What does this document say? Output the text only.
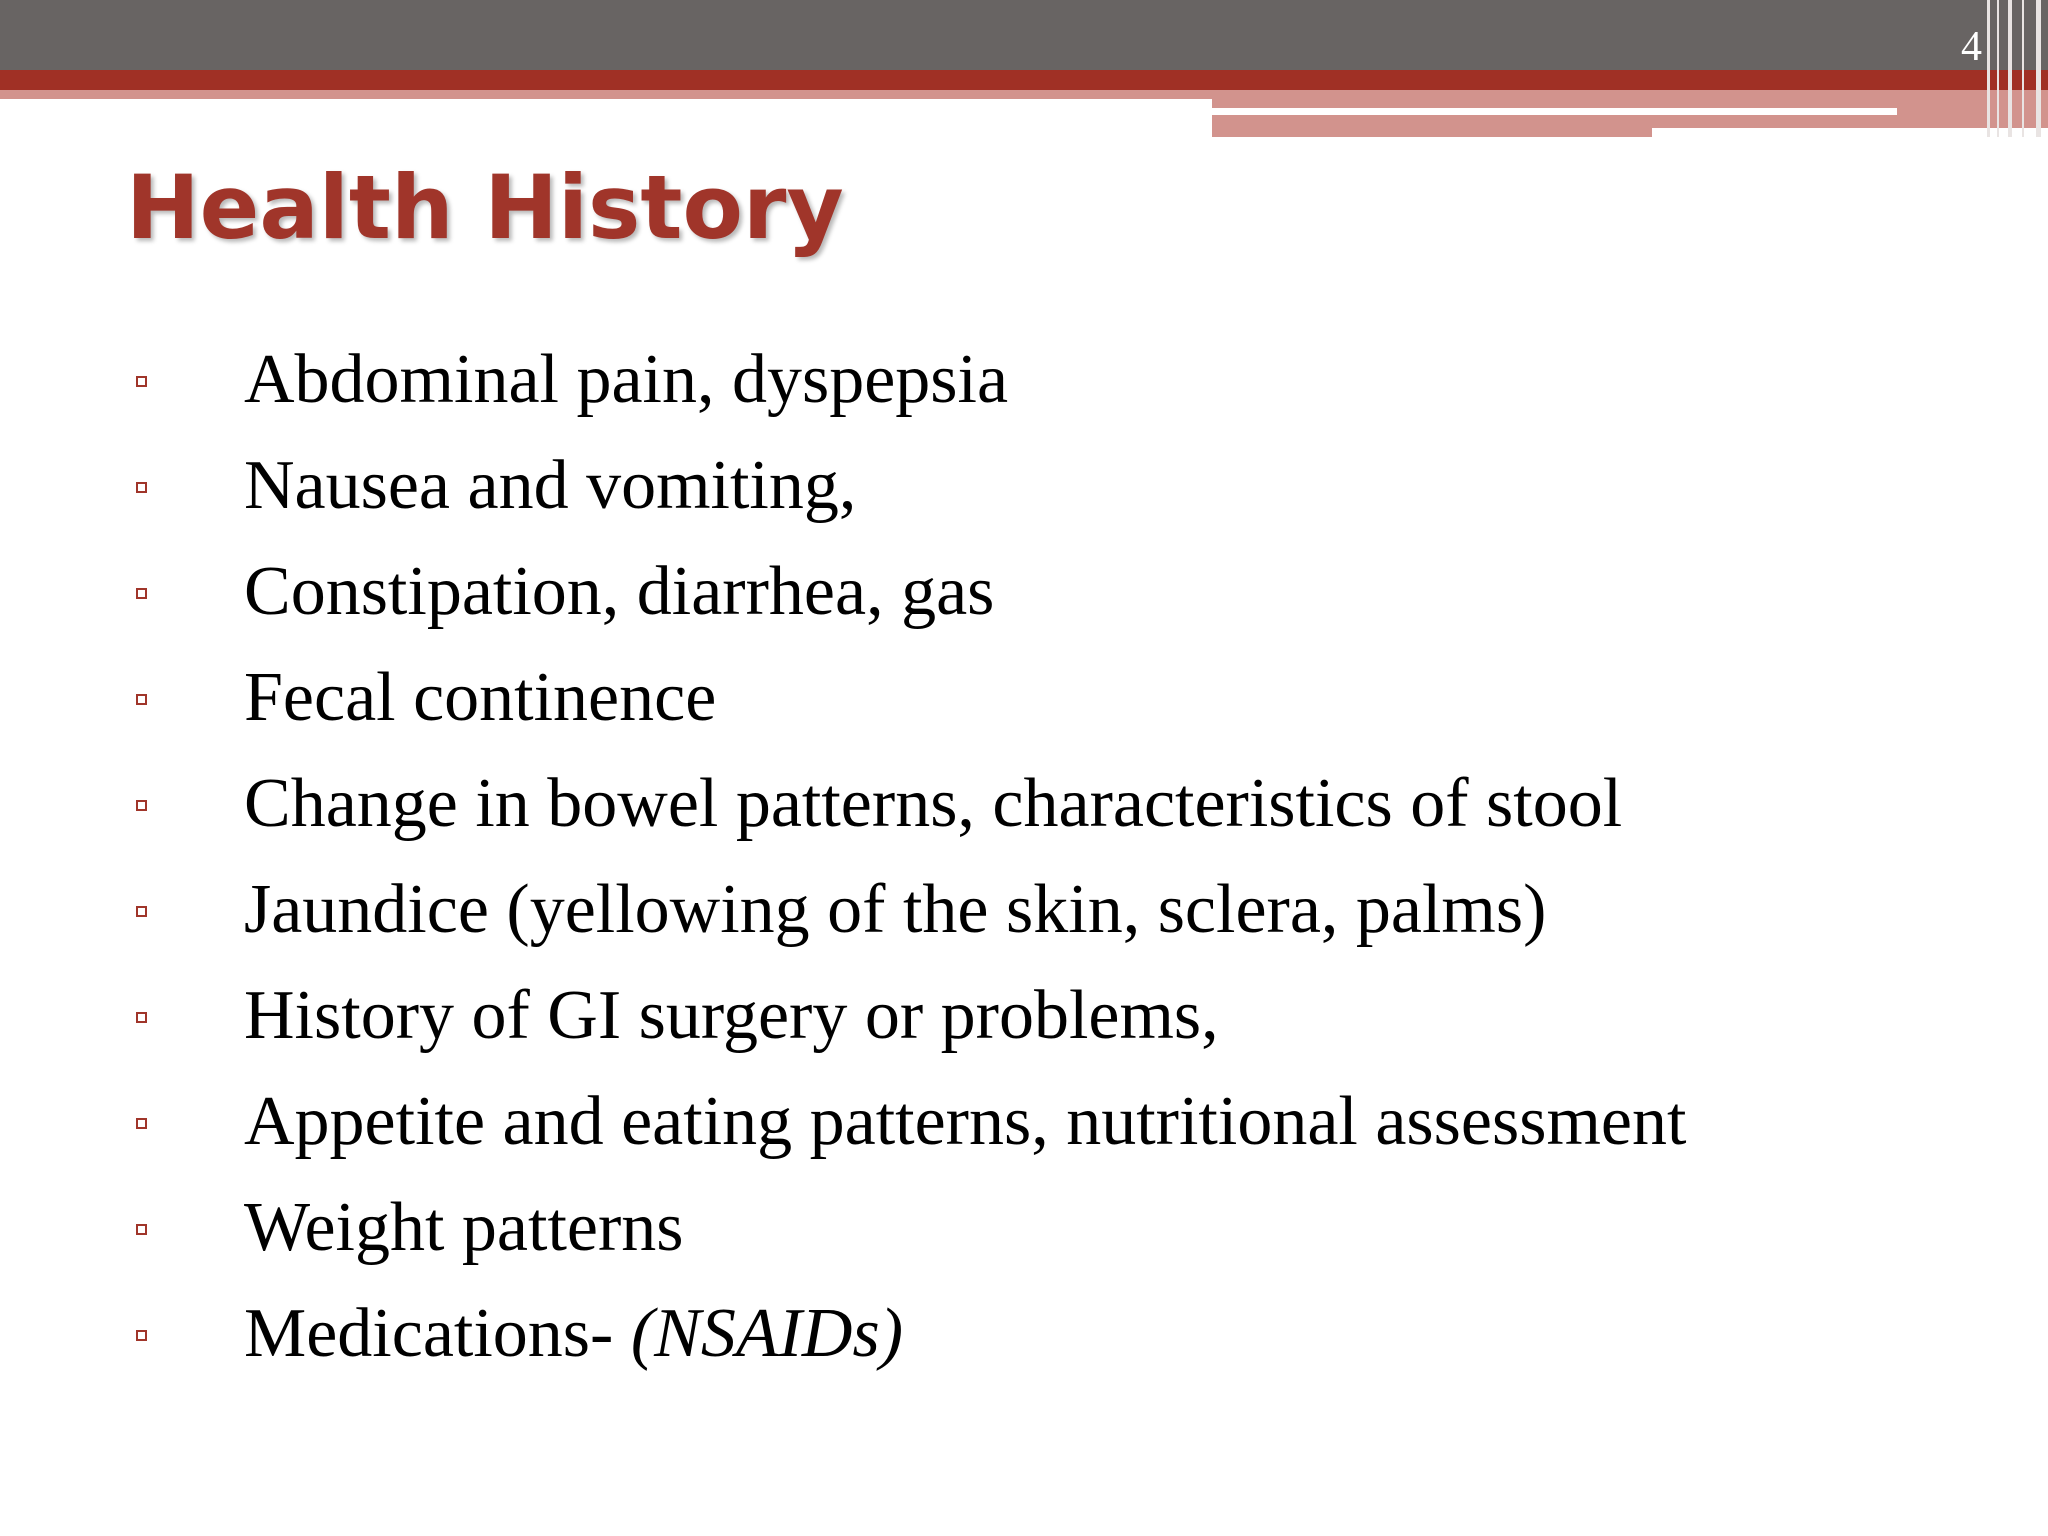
4
Health History
Abdominal pain, dyspepsia
Nausea and vomiting,
Constipation, diarrhea, gas
Fecal continence
Change in bowel patterns, characteristics of stool
Jaundice (yellowing of the skin, sclera, palms)
History of GI surgery or problems,
Appetite and eating patterns, nutritional assessment
Weight patterns
Medications- (NSAIDs)
